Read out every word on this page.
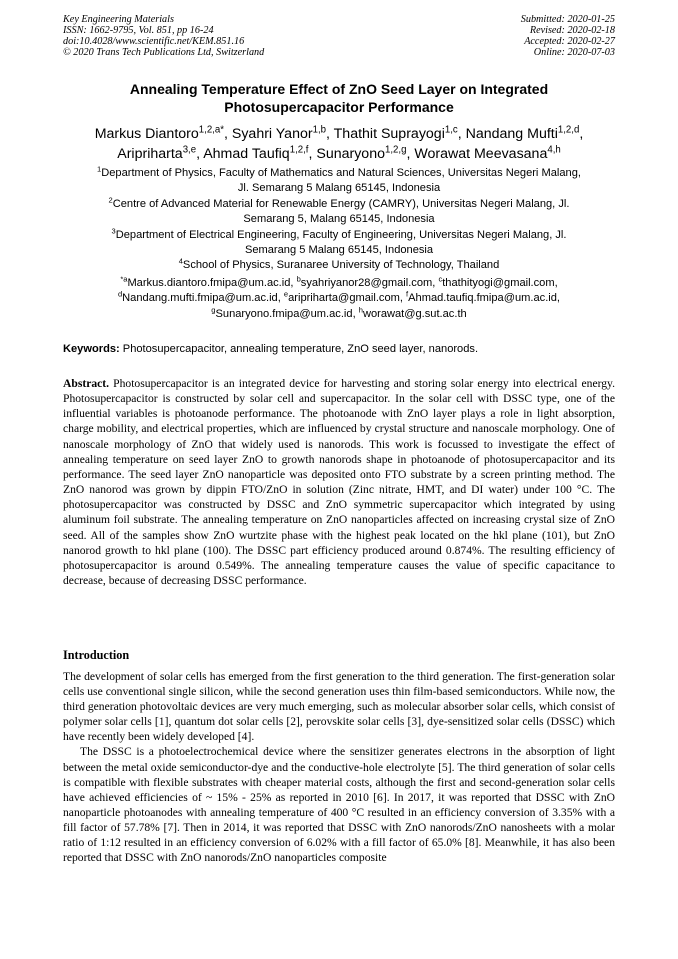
Key Engineering Materials
ISSN: 1662-9795, Vol. 851, pp 16-24
doi:10.4028/www.scientific.net/KEM.851.16
© 2020 Trans Tech Publications Ltd, Switzerland
Submitted: 2020-01-25
Revised: 2020-02-18
Accepted: 2020-02-27
Online: 2020-07-03
Annealing Temperature Effect of ZnO Seed Layer on Integrated
Photosupercapacitor Performance
Markus Diantoro$^{1,2,a*}$, Syahri Yanor$^{1,b}$, Thathit Suprayogi$^{1,c}$, Nandang Mufti$^{1,2,d}$,
Aripriharta$^{3,e}$, Ahmad Taufiq$^{1,2,f}$, Sunaryono$^{1,2,g}$, Worawat Meevasana$^{4,h}$
$^1$Department of Physics, Faculty of Mathematics and Natural Sciences, Universitas Negeri Malang,
Jl. Semarang 5 Malang 65145, Indonesia
$^2$Centre of Advanced Material for Renewable Energy (CAMRY), Universitas Negeri Malang, Jl.
Semarang 5, Malang 65145, Indonesia
$^3$Department of Electrical Engineering, Faculty of Engineering, Universitas Negeri Malang, Jl.
Semarang 5 Malang 65145, Indonesia
$^4$School of Physics, Suranaree University of Technology, Thailand
$^{*a}$Markus.diantoro.fmipa@um.ac.id, $^b$syahriyanor28@gmail.com, $^c$thathityogi@gmail.com,
$^d$Nandang.mufti.fmipa@um.ac.id, $^e$aripriharta@gmail.com, $^f$Ahmad.taufiq.fmipa@um.ac.id,
$^g$Sunaryono.fmipa@um.ac.id, $^h$worawat@g.sut.ac.th
Keywords: Photosupercapacitor, annealing temperature, ZnO seed layer, nanorods.

Abstract. Photosupercapacitor is an integrated device for harvesting and storing solar energy into electrical energy. Photosupercapacitor is constructed by solar cell and supercapacitor. In the solar cell with DSSC type, one of the influential variables is photoanode performance. The photoanode with ZnO layer plays a role in light absorption, charge mobility, and electrical properties, which are influenced by crystal structure and nanoscale morphology. One of nanoscale morphology of ZnO that widely used is nanorods. This work is focussed to investigate the effect of annealing temperature on seed layer ZnO to growth nanorods shape in photoanode of photosupercapacitor and its performance. The seed layer ZnO nanoparticle was deposited onto FTO substrate by a screen printing method. The ZnO nanorod was grown by dippin FTO/ZnO in solution (Zinc nitrate, HMT, and DI water) under 100 °C. The photosupercapacitor was constructed by DSSC and ZnO symmetric supercapacitor which integrated by using aluminum foil substrate. The annealing temperature on ZnO nanoparticles affected on increasing crystal size of ZnO seed. All of the samples show ZnO wurtzite phase with the highest peak located on the hkl plane (101), but ZnO nanorod growth to hkl plane (100). The DSSC part efficiency produced around 0.874%. The resulting efficiency of photosupercapacitor is around 0.549%. The annealing temperature causes the value of specific capacitance to decrease, because of decreasing DSSC performance.

Introduction

The development of solar cells has emerged from the first generation to the third generation. The first-generation solar cells use conventional single silicon, while the second generation uses thin film-based semiconductors. While now, the third generation photovoltaic devices are very much emerging, such as molecular absorber solar cells, which consist of polymer solar cells [1], quantum dot solar cells [2], perovskite solar cells [3], dye-sensitized solar cells (DSSC) which have recently been widely developed [4].

The DSSC is a photoelectrochemical device where the sensitizer generates electrons in the absorption of light between the metal oxide semiconductor-dye and the conductive-hole electrolyte [5]. The third generation of solar cells is compatible with flexible substrates with cheaper material costs, although the first and second-generation solar cells have achieved efficiencies of ~ 15% - 25% as reported in 2010 [6]. In 2017, it was reported that DSSC with ZnO nanoparticle photoanodes with annealing temperature of 400 °C resulted in an efficiency conversion of 3.35% with a fill factor of 57.78% [7]. Then in 2014, it was reported that DSSC with ZnO nanorods/ZnO nanosheets with a molar ratio of 1:12 resulted in an efficiency conversion of 6.02% with a fill factor of 65.0% [8]. Meanwhile, it has also been reported that DSSC with ZnO nanorods/ZnO nanoparticles composite
